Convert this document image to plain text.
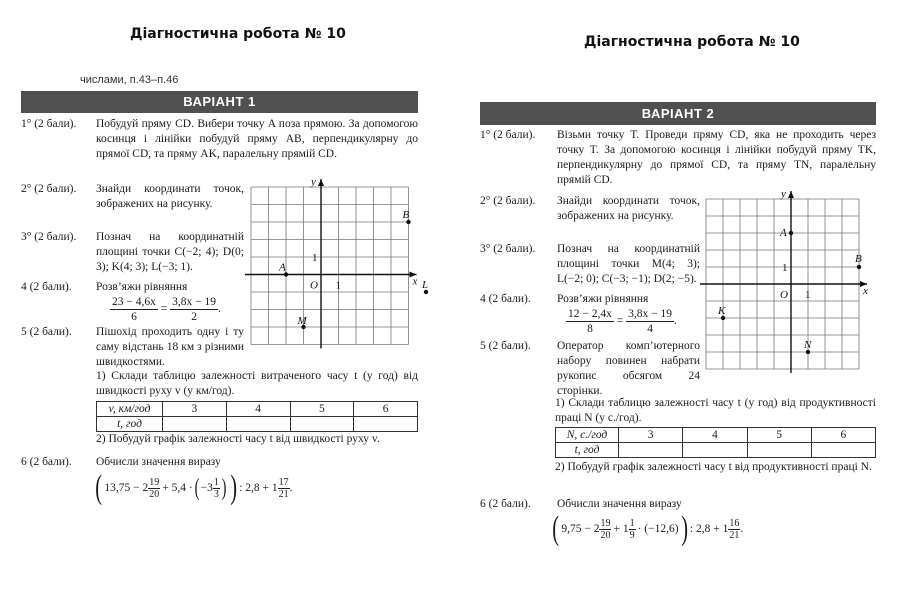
Діагностична робота № 10
числами, п.43–п.46
ВАРІАНТ 1
1° (2 бали). Побудуй пряму CD. Вибери точку A поза прямою. За допомогою косинця і лінійки побудуй пряму AB, перпендикулярну до прямої CD, та пряму AK, паралельну прямій CD.
2° (2 бали). Знайди координати точок, зображених на рисунку.
3° (2 бали). Познач на координатній площині точки C(−2; 4); D(0; 3); K(4; 3); L(−3; 1).
4 (2 бали). Розв’яжи рівняння
$\frac{23 - 4,6x}{6} = \frac{3,8x - 19}{2}$ .
5 (2 бали). Пішохід проходить одну і ту саму відстань 18 км з різними швидкостями.
1) Склади таблицю залежності витраченого часу t (у год) від швидкості руху v (у км/год).
v, км/год	3	4	5	6
t, год				
2) Побудуй графік залежності часу t від швидкості руху v.
6 (2 бали). Обчисли значення виразу
( 13,75 − 2 19
20 + 5,4 · ( −3 1
3 ) ) : 2,8 + 1 17
21 .
x
y
O 1
1
A
B
L
M
Діагностична робота № 10
ВАРІАНТ 2
1° (2 бали). Візьми точку T. Проведи пряму CD, яка не проходить через точку T. За допомогою косинця і лінійки побудуй пряму TK, перпендикулярну до прямої CD, та пряму TN, паралельну прямій CD.
2° (2 бали). Знайди координати точок, зображених на рисунку.
3° (2 бали). Познач на координатній площині точки M(4; 3); L(−2; 0); C(−3; −1); D(2; −5).
4 (2 бали). Розв’яжи рівняння
$\frac{12 - 2,4x}{8} = \frac{3,8x - 19}{4}$ .
5 (2 бали). Оператор комп’ютерного набору повинен набрати рукопис обсягом 24 сторінки.
1) Склади таблицю залежності часу t (у год) від продуктивності праці N (у с./год).
N, с./год	3	4	5	6
t, год				
2) Побудуй графік залежності часу t від продуктивності праці N.
6 (2 бали). Обчисли значення виразу
( 9,75 − 2 19
20 + 1 1
9 · (−12,6) ) : 2,8 + 1 16
21 .
x
y
O 1
1
A
B
K
N
